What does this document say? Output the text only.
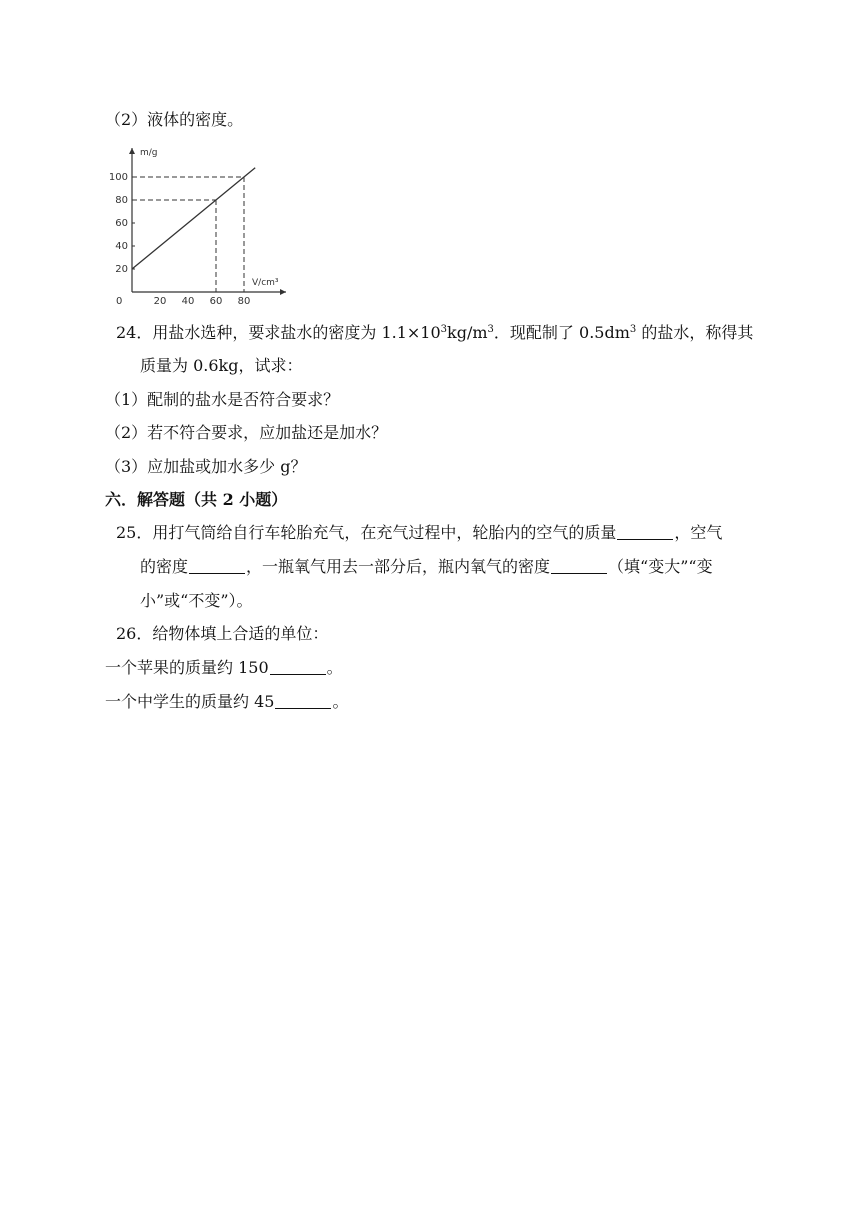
（2）液体的密度。
m/g
V/cm³
0
20
40
60
80
100
20 40 60 80
24．用盐水选种，要求盐水的密度为 $1.1\times 10^3kg/m^3$．现配制了 $0.5dm^3$ 的盐水，称得其
质量为 0.6kg，试求：
（1）配制的盐水是否符合要求？
（2）若不符合要求，应加盐还是加水？
（3）应加盐或加水多少 g？
六．解答题（共 2 小题）
25．用打气筒给自行车轮胎充气，在充气过程中，轮胎内的空气的质量	，空气
的密度	，一瓶氧气用去一部分后，瓶内氧气的密度	（填“变大”“变
小”或“不变”）。
26．给物体填上合适的单位：
一个苹果的质量约 150	。
一个中学生的质量约 45	。
